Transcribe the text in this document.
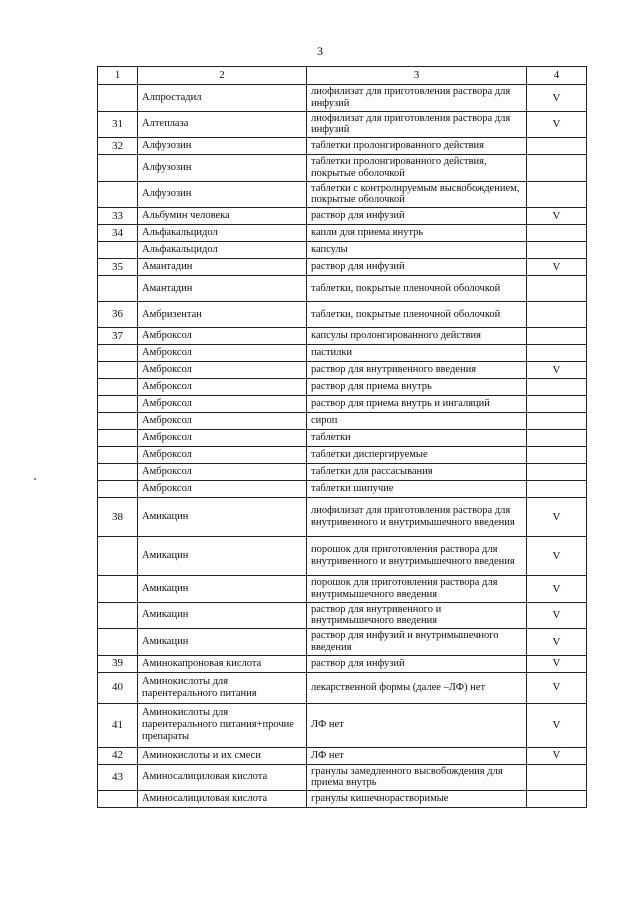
3
1	2	3	4
	Алпростадил	лиофилизат для приготовления раствора для инфузий	V
31	Алтеплаза	лиофилизат для приготовления раствора для инфузий	V
32	Алфузозин	таблетки пролонгированного действия	
	Алфузозин	таблетки пролонгированного действия, покрытые оболочкой	
	Алфузозин	таблетки с контролируемым высвобождением, покрытые оболочкой	
33	Альбумин человека	раствор для инфузий	V
34	Альфакальцидол	капли для приема внутрь	
	Альфакальцидол	капсулы	
35	Амантадин	раствор для инфузий	V
	Амантадин	таблетки, покрытые пленочной оболочкой	
36	Амбризентан	таблетки, покрытые пленочной оболочкой	
37	Амброксол	капсулы пролонгированного действия	
	Амброксол	пастилки	
	Амброксол	раствор для внутривенного введения	V
	Амброксол	раствор для приема внутрь	
	Амброксол	раствор для приема внутрь и ингаляций	
	Амброксол	сироп	
	Амброксол	таблетки	
	Амброксол	таблетки диспергируемые	
	Амброксол	таблетки для рассасывания	
	Амброксол	таблетки шипучие	
38	Амикацин	лиофилизат для приготовления раствора для внутривенного и внутримышечного введения	V
	Амикацин	порошок для приготовления раствора для внутривенного и внутримышечного введения	V
	Амикацин	порошок для приготовления раствора для внутримышечного введения	V
	Амикацин	раствор для внутривенного и внутримышечного введения	V
	Амикацин	раствор для инфузий и внутримышечного введения	V
39	Аминокапроновая кислота	раствор для инфузий	V
40	Аминокислоты для парентерального питания	лекарственной формы (далее –ЛФ) нет	V
41	Аминокислоты для парентерального питания+прочие препараты	ЛФ нет	V
42	Аминокислоты и их смеси	ЛФ нет	V
43	Аминосалициловая кислота	гранулы замедленного высвобождения для приема внутрь	
	Аминосалициловая кислота	гранулы кишечнорастворимые	
